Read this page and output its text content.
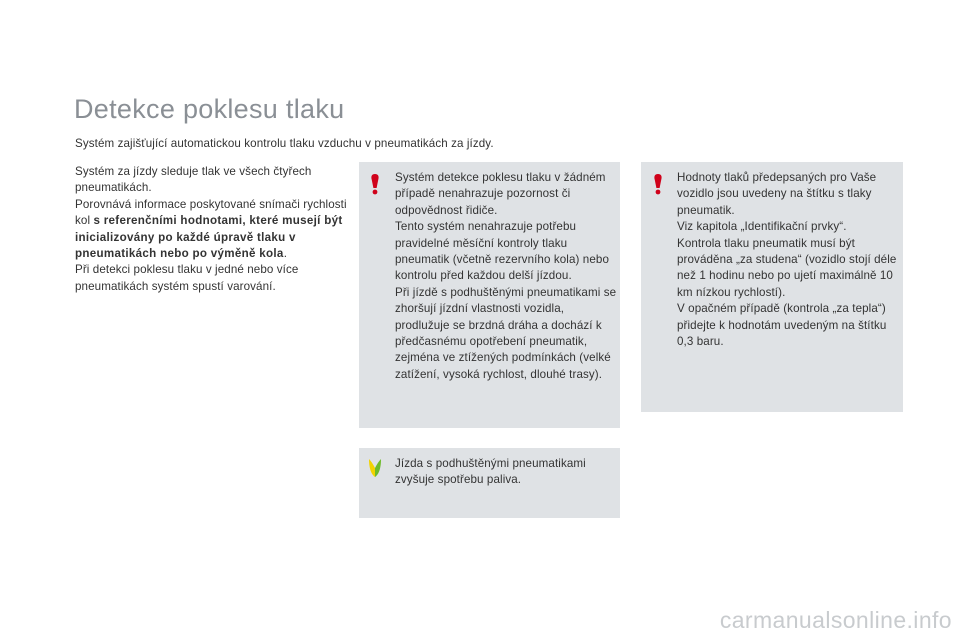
Detekce poklesu tlaku

Systém zajišťující automatickou kontrolu tlaku vzduchu v pneumatikách za jízdy.

Systém za jízdy sleduje tlak ve všech čtyřech pneumatikách.

Porovnává informace poskytované snímači rychlosti kol s referenčními hodnotami, které musejí být inicializovány po každé úpravě tlaku v pneumatikách nebo po výměně kola.

Při detekci poklesu tlaku v jedné nebo více pneumatikách systém spustí varování.

Systém detekce poklesu tlaku v žádném případě nenahrazuje pozornost či odpovědnost řidiče.

Tento systém nenahrazuje potřebu pravidelné měsíční kontroly tlaku pneumatik (včetně rezervního kola) nebo kontrolu před každou delší jízdou.

Při jízdě s podhuštěnými pneumatikami se zhoršují jízdní vlastnosti vozidla, prodlužuje se brzdná dráha a dochází k předčasnému opotřebení pneumatik, zejména ve ztížených podmínkách (velké zatížení, vysoká rychlost, dlouhé trasy).

Jízda s podhuštěnými pneumatikami zvyšuje spotřebu paliva.

Hodnoty tlaků předepsaných pro Vaše vozidlo jsou uvedeny na štítku s tlaky pneumatik.

Viz kapitola „Identifikační prvky“.

Kontrola tlaku pneumatik musí být prováděna „za studena“ (vozidlo stojí déle než 1 hodinu nebo po ujetí maximálně 10 km nízkou rychlostí).

V opačném případě (kontrola „za tepla“) přidejte k hodnotám uvedeným na štítku 0,3 baru.

carmanualsonline.info
